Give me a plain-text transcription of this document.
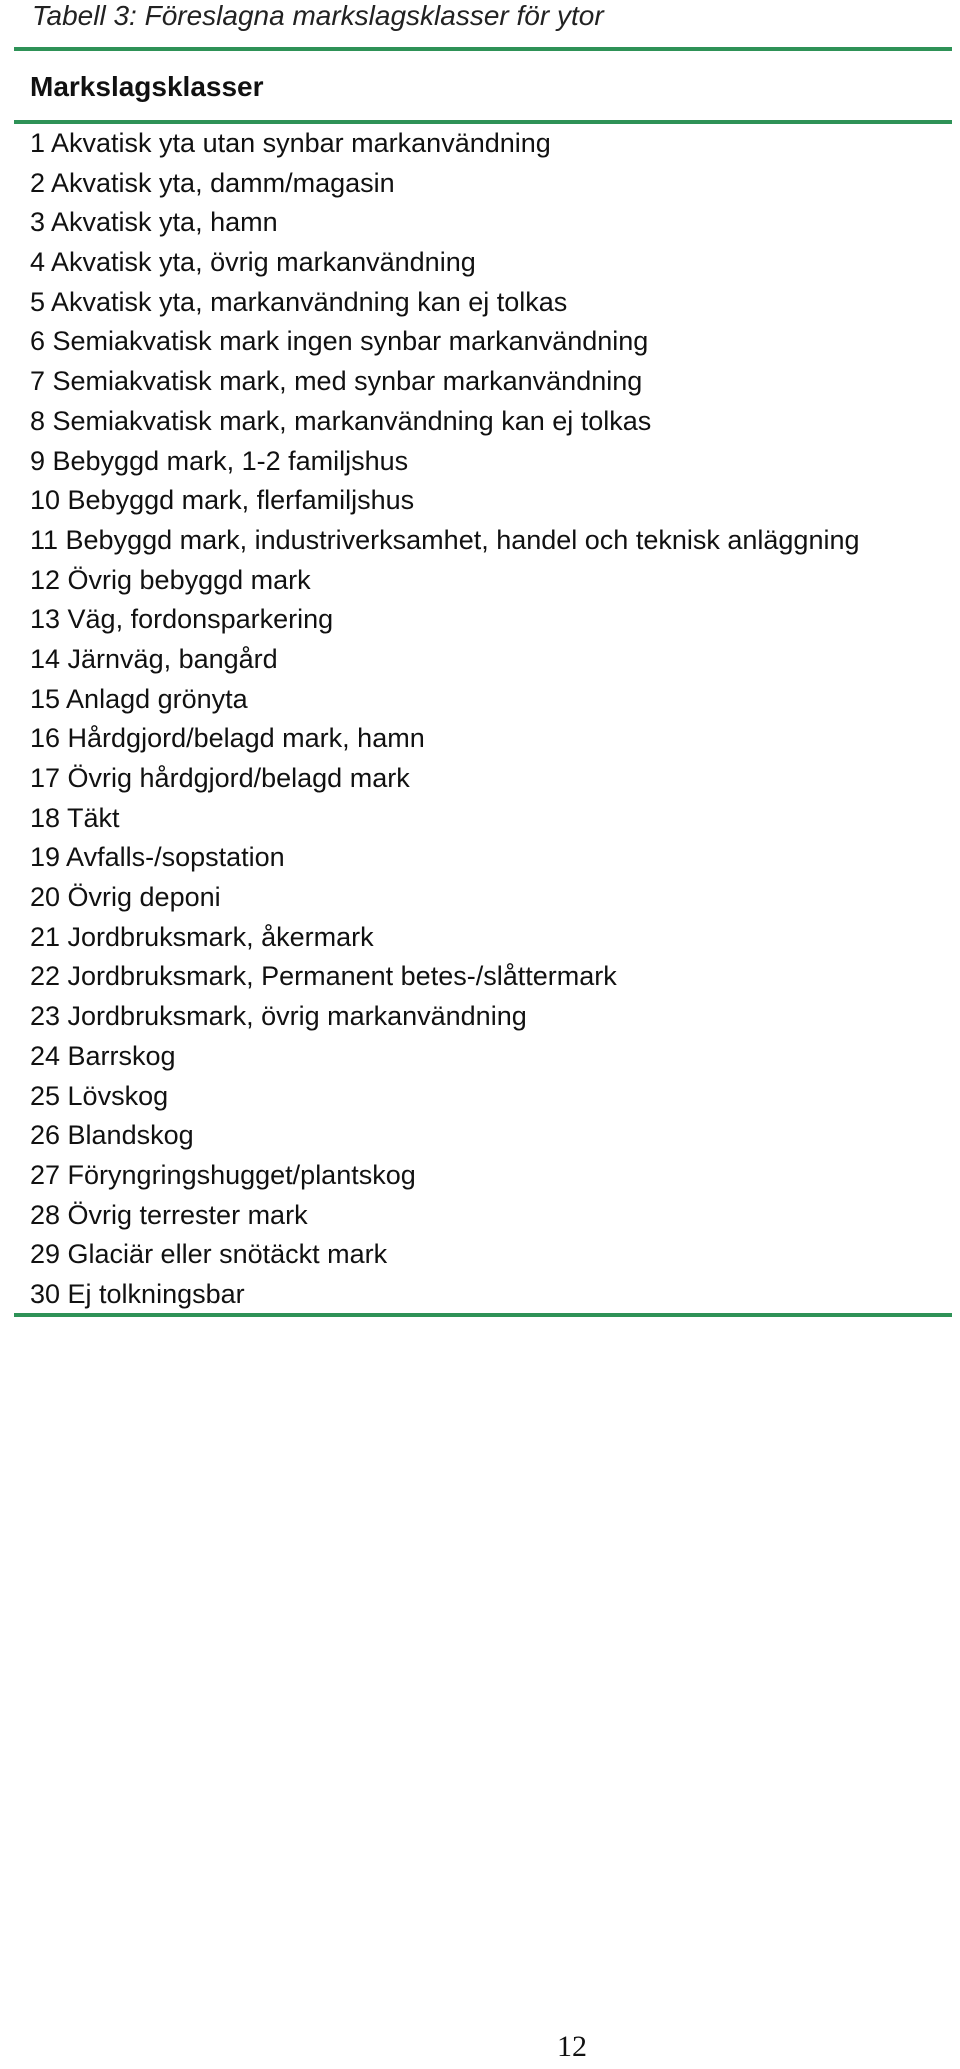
Tabell 3: Föreslagna markslagsklasser för ytor
Markslagsklasser
1 Akvatisk yta utan synbar markanvändning
2 Akvatisk yta, damm/magasin
3 Akvatisk yta, hamn
4 Akvatisk yta, övrig markanvändning
5 Akvatisk yta, markanvändning kan ej tolkas
6 Semiakvatisk mark ingen synbar markanvändning
7 Semiakvatisk mark, med synbar markanvändning
8 Semiakvatisk mark, markanvändning kan ej tolkas
9 Bebyggd mark, 1-2 familjshus
10 Bebyggd mark, flerfamiljshus
11 Bebyggd mark, industriverksamhet, handel och teknisk anläggning
12 Övrig bebyggd mark
13 Väg, fordonsparkering
14 Järnväg, bangård
15 Anlagd grönyta
16 Hårdgjord/belagd mark, hamn
17 Övrig hårdgjord/belagd mark
18 Täkt
19 Avfalls-/sopstation
20 Övrig deponi
21 Jordbruksmark, åkermark
22 Jordbruksmark, Permanent betes-/slåttermark
23 Jordbruksmark, övrig markanvändning
24 Barrskog
25 Lövskog
26 Blandskog
27 Föryngringshugget/plantskog
28 Övrig terrester mark
29 Glaciär eller snötäckt mark
30 Ej tolkningsbar
12
